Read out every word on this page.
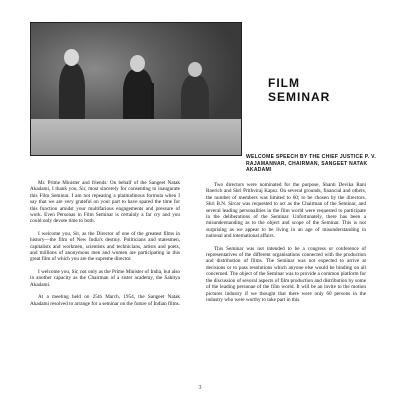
FILM
SEMINAR
WELCOME SPEECH BY THE CHIEF JUSTICE P. V. RAJAMANNAR, CHAIRMAN, SANGEET NATAK AKADAMI

Mr. Prime Minister and friends: On behalf of the Sangeet Natak Akadami, I thank you, Sir, most sincerely for consenting to inaugurate this Film Seminar. I am not repeating a platitudinous formula when I say that we are very grateful on your part to have spared the time for this function amidst your multifarious engagements and pressure of work. Even Personas in Film Seminar is certainly a far cry and you could only devote time to both.

I welcome you, Sir, as the Director of one of the greatest films in history—the film of New India's destiny. Politicians and statesmen, capitalists and workmen, scientists and technicians, artists and poets, and millions of anonymous men and women are participating in this great film of which you are the supreme director.

I welcome you, Sir, not only as the Prime Minister of India, but also in another capacity as the Chairman of a sister academy, the Sahitya Akadami.

At a meeting held on 25th March, 1954, the Sangeet Natak Akadami resolved to arrange for a seminar on the future of Indian films.

Two directors were nominated for the purpose, Shanti Devika Rani Roerich and Shri Prithviraj Kapur. On several grounds, financial and others, the number of members was limited to 60; to be chosen by the directors. Shri B.N. Sircar was requested to act as the Chairman of the Seminar, and several leading personalities in the film world were requested to participate in the deliberations of the Seminar. Unfortunately, there has been a misunderstanding as to the object and scope of the Seminar. This is not surprising as we appear to be living in an age of misunderstanding in national and international affairs.

This Seminar was not intended to be a congress or conference of representatives of the different organisations connected with the production and distribution of films. The Seminar was not expected to arrive at decisions or to pass resolutions which anyone else would be binding on all concerned. The object of the Seminar was to provide a common platform for the discussion of several aspects of film production and distribution by some of the leading personae of the film world. It will be an invite to the motion pictures industry if we thought that there were only 60 persons in the industry who were worthy to take part in this

3
